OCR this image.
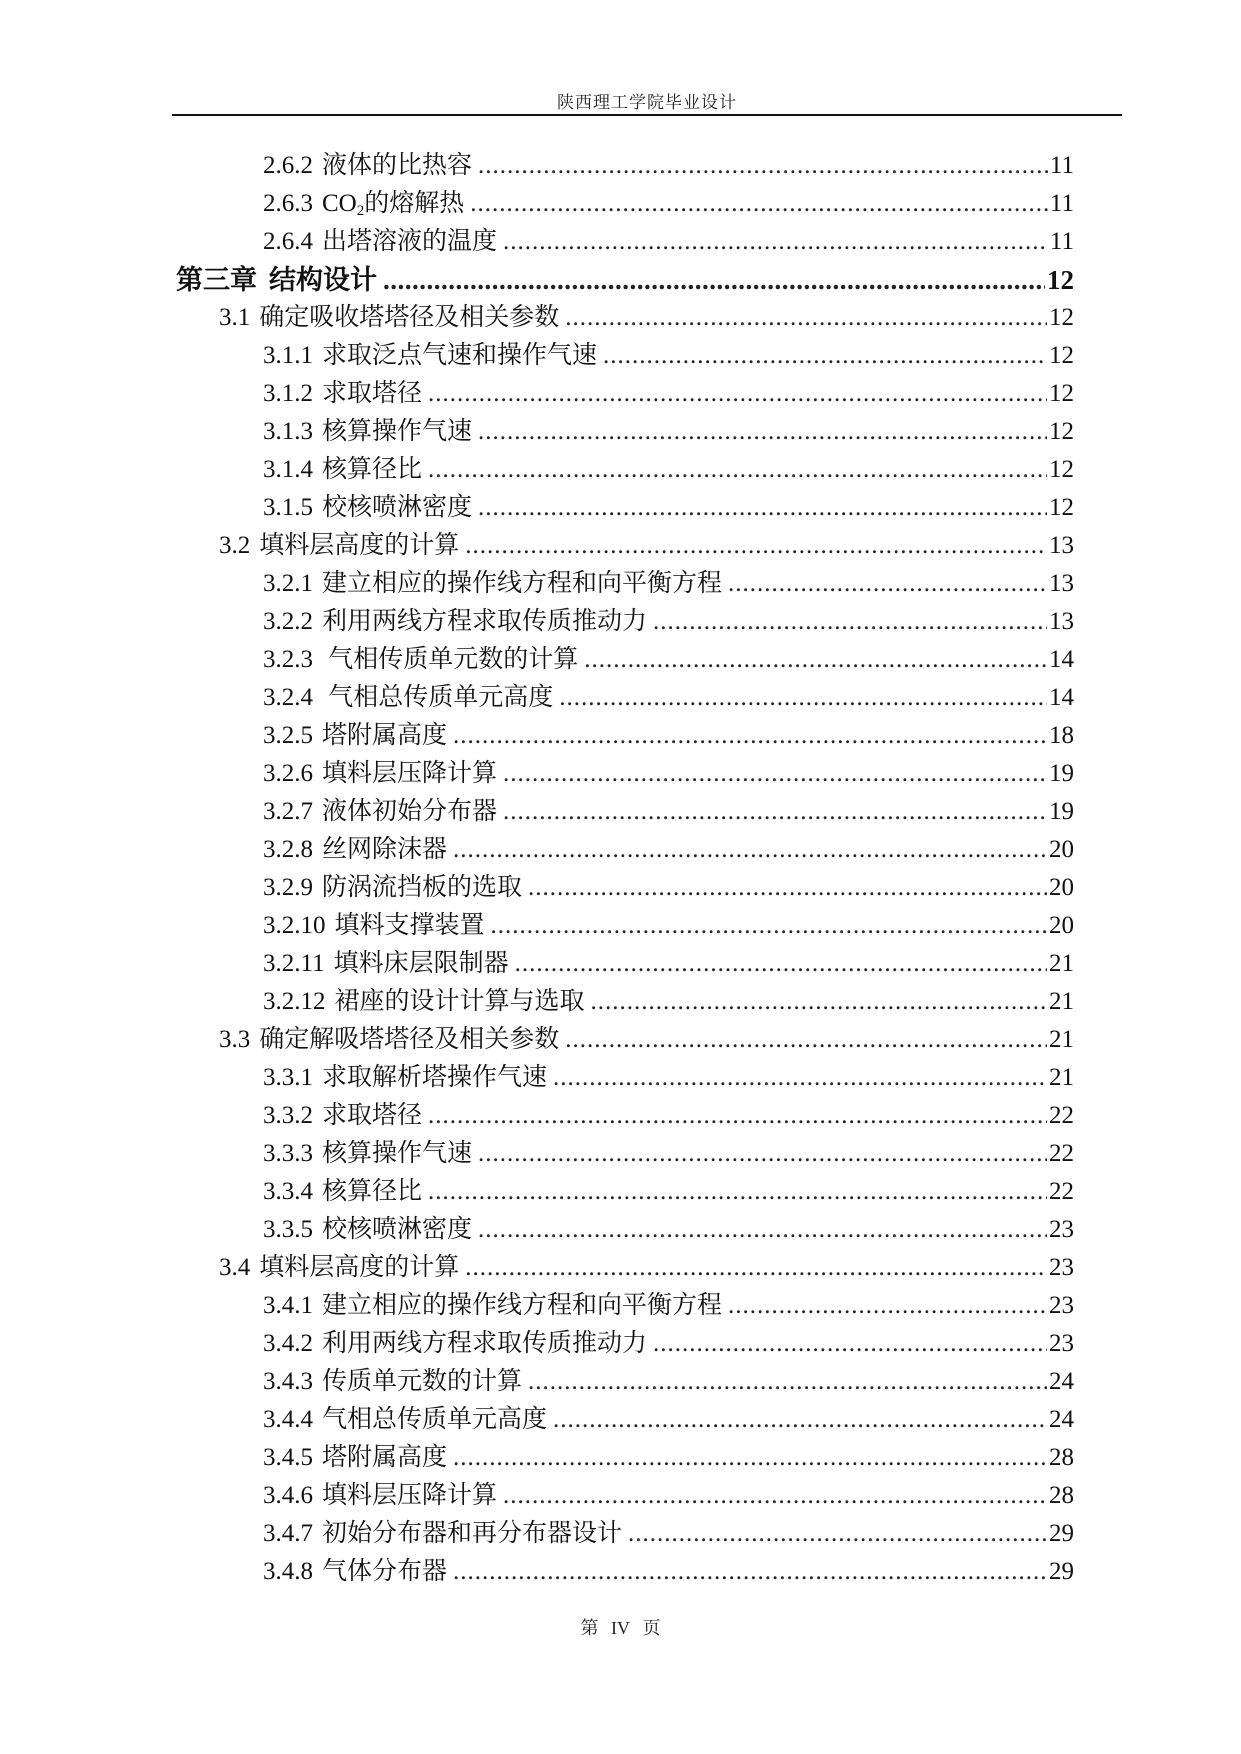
陕西理工学院毕业设计
2.6.2 液体的比热容 .....	11
2.6.3 $CO_2$的熔解热 .....	11
2.6.4 出塔溶液的温度 .....	11
第三章 结构设计 .....	12
3.1 确定吸收塔塔径及相关参数 .....	12
3.1.1 求取泛点气速和操作气速 .....	12
3.1.2 求取塔径 .....	12
3.1.3 核算操作气速 .....	12
3.1.4 核算径比 .....	12
3.1.5 校核喷淋密度 .....	12
3.2 填料层高度的计算 .....	13
3.2.1 建立相应的操作线方程和向平衡方程 .....	13
3.2.2 利用两线方程求取传质推动力 .....	13
3.2.3 气相传质单元数的计算 .....	14
3.2.4 气相总传质单元高度 .....	14
3.2.5 塔附属高度 .....	18
3.2.6 填料层压降计算 .....	19
3.2.7 液体初始分布器 .....	19
3.2.8 丝网除沫器 .....	20
3.2.9 防涡流挡板的选取 .....	20
3.2.10 填料支撑装置 .....	20
3.2.11 填料床层限制器 .....	21
3.2.12 裙座的设计计算与选取 .....	21
3.3 确定解吸塔塔径及相关参数 .....	21
3.3.1 求取解析塔操作气速 .....	21
3.3.2 求取塔径 .....	22
3.3.3 核算操作气速 .....	22
3.3.4 核算径比 .....	22
3.3.5 校核喷淋密度 .....	23
3.4 填料层高度的计算 .....	23
3.4.1 建立相应的操作线方程和向平衡方程 .....	23
3.4.2 利用两线方程求取传质推动力 .....	23
3.4.3 传质单元数的计算 .....	24
3.4.4 气相总传质单元高度 .....	24
3.4.5 塔附属高度 .....	28
3.4.6 填料层压降计算 .....	28
3.4.7 初始分布器和再分布器设计 .....	29
3.4.8 气体分布器 .....	29
第 IV 页
